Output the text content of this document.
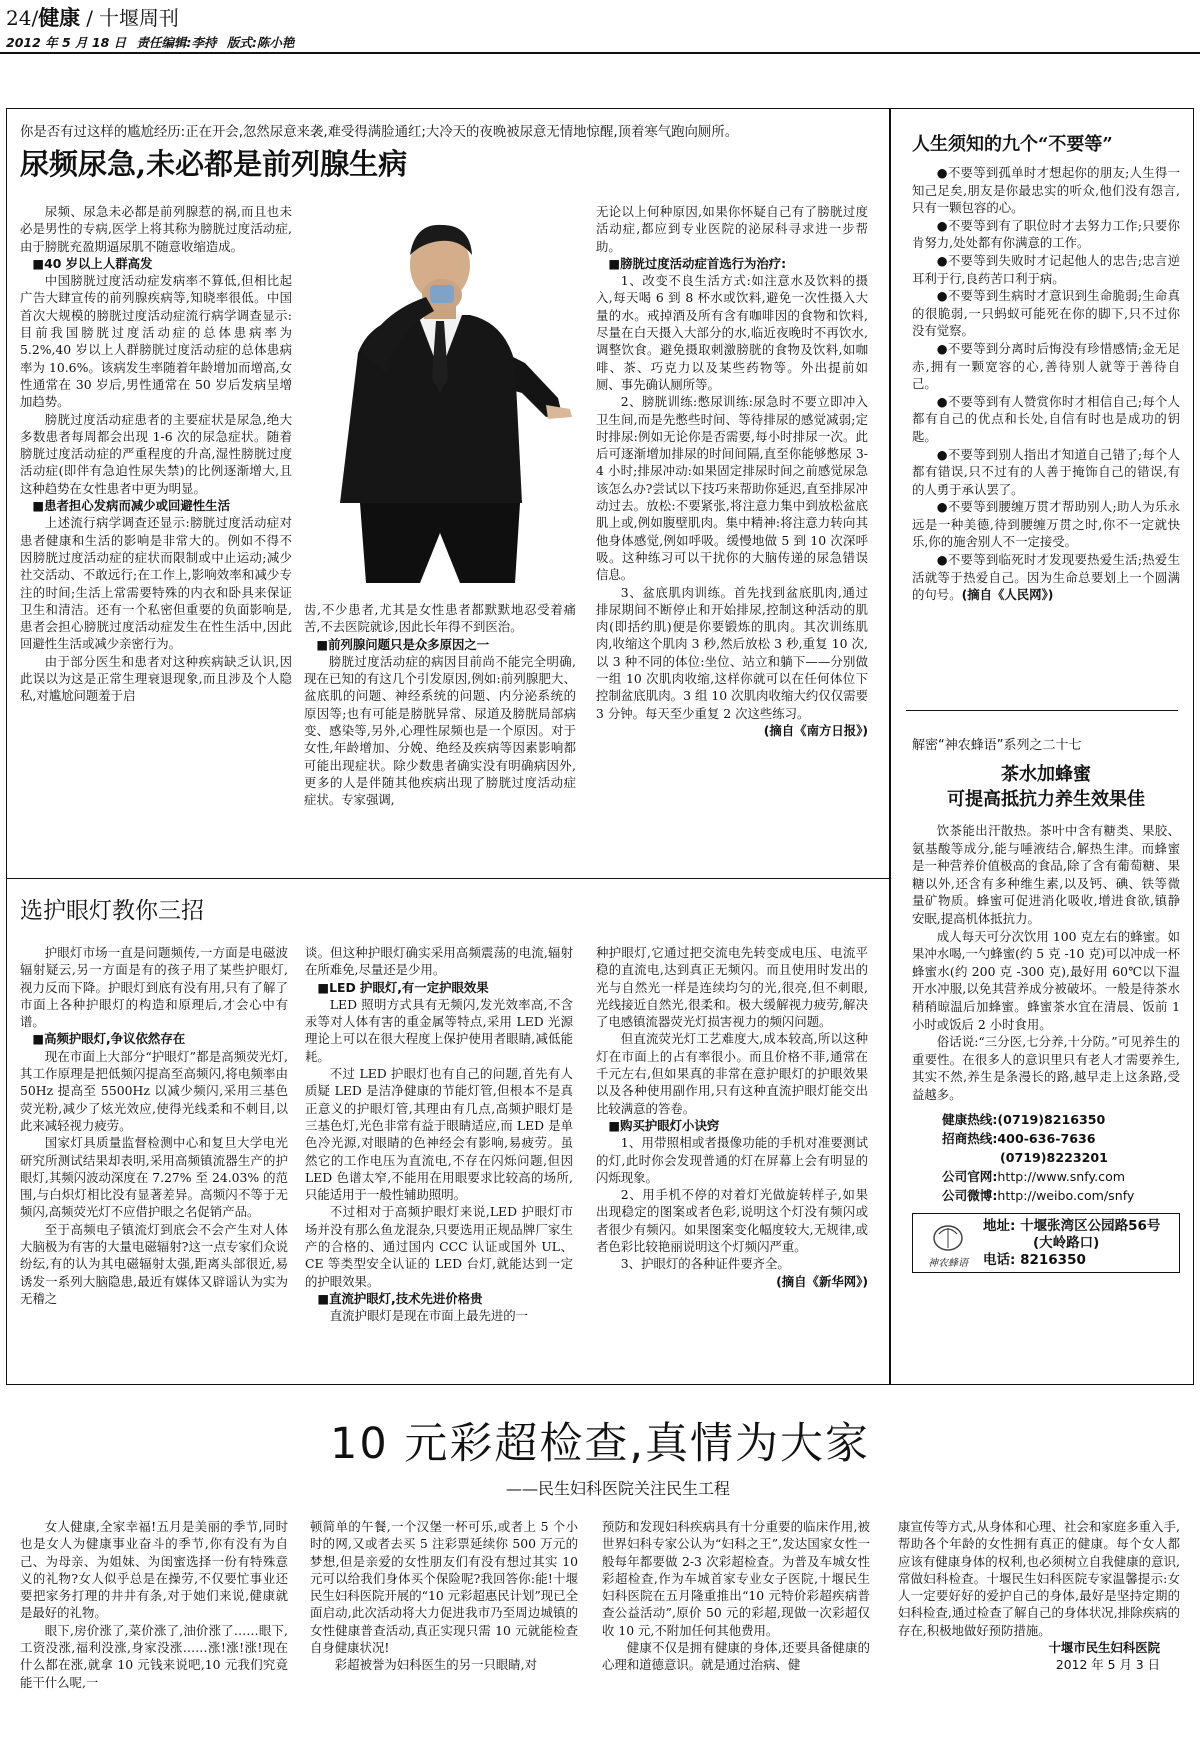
24/健康 / 十堰周刊
2012 年 5 月 18 日 责任编辑:李持 版式:陈小艳
你是否有过这样的尴尬经历:正在开会,忽然尿意来袭,难受得满脸通红;大冷天的夜晚被尿意无情地惊醒,顶着寒气跑向厕所。
尿频尿急,未必都是前列腺生病

尿频、尿急未必都是前列腺惹的祸,而且也未必是男性的专病,医学上将其称为膀胱过度活动症,由于膀胱充盈期逼尿肌不随意收缩造成。

■40 岁以上人群高发

中国膀胱过度活动症发病率不算低,但相比起广告大肆宣传的前列腺疾病等,知晓率很低。中国首次大规模的膀胱过度活动症流行病学调查显示:目前我国膀胱过度活动症的总体患病率为 5.2%,40 岁以上人群膀胱过度活动症的总体患病率为 10.6%。该病发生率随着年龄增加而增高,女性通常在 30 岁后,男性通常在 50 岁后发病呈增加趋势。

膀胱过度活动症患者的主要症状是尿急,绝大多数患者每周都会出现 1-6 次的尿急症状。随着膀胱过度活动症的严重程度的升高,湿性膀胱过度活动症(即伴有急迫性尿失禁)的比例逐渐增大,且这种趋势在女性患者中更为明显。

■患者担心发病而减少或回避性生活

上述流行病学调查还显示:膀胱过度活动症对患者健康和生活的影响是非常大的。例如不得不因膀胱过度活动症的症状而限制或中止运动;减少社交活动、不敢远行;在工作上,影响效率和减少专注的时间;生活上常需要特殊的内衣和卧具来保证卫生和清洁。还有一个私密但重要的负面影响是,患者会担心膀胱过度活动症发生在性生活中,因此回避性生活或减少亲密行为。

由于部分医生和患者对这种疾病缺乏认识,因此误以为这是正常生理衰退现象,而且涉及个人隐私,对尴尬问题羞于启

齿,不少患者,尤其是女性患者都默默地忍受着痛苦,不去医院就诊,因此长年得不到医治。

■前列腺问题只是众多原因之一

膀胱过度活动症的病因目前尚不能完全明确,现在已知的有这几个引发原因,例如:前列腺肥大、盆底肌的问题、神经系统的问题、内分泌系统的原因等;也有可能是膀胱异常、尿道及膀胱局部病变、感染等,另外,心理性尿频也是一个原因。对于女性,年龄增加、分娩、绝经及疾病等因素影响都可能出现症状。除少数患者确实没有明确病因外,更多的人是伴随其他疾病出现了膀胱过度活动症症状。专家强调,

无论以上何种原因,如果你怀疑自己有了膀胱过度活动症,都应到专业医院的泌尿科寻求进一步帮助。

■膀胱过度活动症首选行为治疗:

1、改变不良生活方式:如注意水及饮料的摄入,每天喝 6 到 8 杯水或饮料,避免一次性摄入大量的水。戒掉酒及所有含有咖啡因的食物和饮料,尽量在白天摄入大部分的水,临近夜晚时不再饮水,调整饮食。避免摄取刺激膀胱的食物及饮料,如咖啡、茶、巧克力以及某些药物等。外出提前如厕、事先确认厕所等。

2、膀胱训练:憋尿训练:尿急时不要立即冲入卫生间,而是先憋些时间、等待排尿的感觉减弱;定时排尿:例如无论你是否需要,每小时排尿一次。此后可逐渐增加排尿的时间间隔,直至你能够憋尿 3-4 小时;排尿冲动:如果固定排尿时间之前感觉尿急该怎么办?尝试以下技巧来帮助你延迟,直至排尿冲动过去。放松:不要紧张,将注意力集中到放松盆底肌上或,例如腹壁肌肉。集中精神:将注意力转向其他身体感觉,例如呼吸。缓慢地做 5 到 10 次深呼吸。这种练习可以干扰你的大脑传递的尿急错误信息。

3、盆底肌肉训练。首先找到盆底肌肉,通过排尿期间不断停止和开始排尿,控制这种活动的肌肉(即括约肌)便是你要锻炼的肌肉。其次训练肌肉,收缩这个肌肉 3 秒,然后放松 3 秒,重复 10 次,以 3 种不同的体位:坐位、站立和躺下——分别做一组 10 次肌肉收缩,这样你就可以在任何体位下控制盆底肌肉。3 组 10 次肌肉收缩大约仅仅需要 3 分钟。每天至少重复 2 次这些练习。

(摘自《南方日报》)
选护眼灯教你三招

护眼灯市场一直是问题频传,一方面是电磁波辐射疑云,另一方面是有的孩子用了某些护眼灯,视力反而下降。护眼灯到底有没有用,只有了解了市面上各种护眼灯的构造和原理后,才会心中有谱。

■高频护眼灯,争议依然存在

现在市面上大部分“护眼灯”都是高频荧光灯,其工作原理是把低频闪提高至高频闪,将电频率由 50Hz 提高至 5500Hz 以减少频闪,采用三基色荧光粉,减少了炫光效应,使得光线柔和不刺目,以此来减轻视力疲劳。

国家灯具质量监督检测中心和复旦大学电光研究所测试结果却表明,采用高频镇流器生产的护眼灯,其频闪波动深度在 7.27% 至 24.03% 的范围,与白炽灯相比没有显著差异。高频闪不等于无频闪,高频荧光灯不应借护眼之名促销产品。

至于高频电子镇流灯到底会不会产生对人体大脑极为有害的大量电磁辐射?这一点专家们众说纷纭,有的认为其电磁辐射太强,距离头部很近,易诱发一系列大脑隐患,最近有媒体又辟谣认为实为无稽之

谈。但这种护眼灯确实采用高频震荡的电流,辐射在所难免,尽量还是少用。

■LED 护眼灯,有一定护眼效果

LED 照明方式具有无频闪,发光效率高,不含汞等对人体有害的重金属等特点,采用 LED 光源理论上可以在很大程度上保护使用者眼睛,减低能耗。

不过 LED 护眼灯也有自己的问题,首先有人质疑 LED 是洁净健康的节能灯管,但根本不是真正意义的护眼灯管,其理由有几点,高频护眼灯是三基色灯,光色非常有益于眼睛适应,而 LED 是单色冷光源,对眼睛的色神经会有影响,易疲劳。虽然它的工作电压为直流电,不存在闪烁问题,但因 LED 色谱太窄,不能用在用眼要求比较高的场所,只能适用于一般性辅助照明。

不过相对于高频护眼灯来说,LED 护眼灯市场并没有那么鱼龙混杂,只要选用正规品牌厂家生产的合格的、通过国内 CCC 认证或国外 UL、CE 等类型安全认证的 LED 台灯,就能达到一定的护眼效果。

■直流护眼灯,技术先进价格贵

直流护眼灯是现在市面上最先进的一

种护眼灯,它通过把交流电先转变成电压、电流平稳的直流电,达到真正无频闪。而且使用时发出的光与自然光一样是连续均匀的光,很亮,但不刺眼,光线接近自然光,很柔和。极大缓解视力疲劳,解决了电感镇流器荧光灯损害视力的频闪问题。

但直流荧光灯工艺难度大,成本较高,所以这种灯在市面上的占有率很小。而且价格不菲,通常在千元左右,但如果真的非常在意护眼灯的护眼效果以及各种使用副作用,只有这种直流护眼灯能交出比较满意的答卷。

■购买护眼灯小诀窍

1、用带照相或者摄像功能的手机对准要测试的灯,此时你会发现普通的灯在屏幕上会有明显的闪烁现象。

2、用手机不停的对着灯光做旋转样子,如果出现稳定的图案或者色彩,说明这个灯没有频闪或者很少有频闪。如果图案变化幅度较大,无规律,或者色彩比较艳丽说明这个灯频闪严重。

3、护眼灯的各种证件要齐全。

(摘自《新华网》)
人生须知的九个“不要等”

●不要等到孤单时才想起你的朋友;人生得一知己足矣,朋友是你最忠实的听众,他们没有怨言,只有一颗包容的心。

●不要等到有了职位时才去努力工作;只要你肯努力,处处都有你满意的工作。

●不要等到失败时才记起他人的忠告;忠言逆耳利于行,良药苦口利于病。

●不要等到生病时才意识到生命脆弱;生命真的很脆弱,一只蚂蚁可能死在你的脚下,只不过你没有觉察。

●不要等到分离时后悔没有珍惜感情;金无足赤,拥有一颗宽容的心,善待别人就等于善待自己。

●不要等到有人赞赏你时才相信自己;每个人都有自己的优点和长处,自信有时也是成功的钥匙。

●不要等到别人指出才知道自己错了;每个人都有错误,只不过有的人善于掩饰自己的错误,有的人勇于承认罢了。

●不要等到腰缠万贯才帮助别人;助人为乐永远是一种美德,待到腰缠万贯之时,你不一定就快乐,你的施舍别人不一定接受。

●不要等到临死时才发现要热爱生活;热爱生活就等于热爱自己。因为生命总要划上一个圆满的句号。(摘自《人民网》)

解密“神农蜂语”系列之二十七
茶水加蜂蜜
可提高抵抗力养生效果佳

饮茶能出汗散热。茶叶中含有糖类、果胶、氨基酸等成分,能与唾液结合,解热生津。而蜂蜜是一种营养价值极高的食品,除了含有葡萄糖、果糖以外,还含有多种维生素,以及钙、碘、铁等微量矿物质。蜂蜜可促进消化吸收,增进食欲,镇静安眠,提高机体抵抗力。

成人每天可分次饮用 100 克左右的蜂蜜。如果冲水喝,一勺蜂蜜(约 5 克 -10 克)可以冲成一杯蜂蜜水(约 200 克 -300 克),最好用 60℃以下温开水冲服,以免其营养成分被破坏。一般是待茶水稍稍晾温后加蜂蜜。蜂蜜茶水宜在清晨、饭前 1 小时或饭后 2 小时食用。

俗话说:“三分医,七分养,十分防。”可见养生的重要性。在很多人的意识里只有老人才需要养生,其实不然,养生是条漫长的路,越早走上这条路,受益越多。

健康热线:(0719)8216350
招商热线:400-636-7636
(0719)8223201
公司官网:http://www.snfy.com
公司微博:http://weibo.com/snfy
神农蜂语
地址: 十堰张湾区公园路56号
(大岭路口)
电话: 8216350
10 元彩超检查,真情为大家
——民生妇科医院关注民生工程

女人健康,全家幸福!五月是美丽的季节,同时也是女人为健康事业奋斗的季节,你有没有为自己、为母亲、为姐妹、为闺蜜选择一份有特殊意义的礼物?女人似乎总是在操劳,不仅要忙事业还要把家务打理的井井有条,对于她们来说,健康就是最好的礼物。

眼下,房价涨了,菜价涨了,油价涨了……眼下,工资没涨,福利没涨,身家没涨……涨!涨!涨!现在什么都在涨,就拿 10 元钱来说吧,10 元我们究竟能干什么呢,一

顿简单的午餐,一个汉堡一杯可乐,或者上 5 个小时的网,又或者去买 5 注彩票延续你 500 万元的梦想,但是亲爱的女性朋友们有没有想过其实 10 元可以给我们身体买个保险呢?我回答你:能!十堰民生妇科医院开展的“10 元彩超惠民计划”现已全面启动,此次活动将大力促进我市乃至周边城镇的女性健康普查活动,真正实现只需 10 元就能检查自身健康状况!

彩超被誉为妇科医生的另一只眼睛,对

预防和发现妇科疾病具有十分重要的临床作用,被世界妇科专家公认为“妇科之王”,发达国家女性一般每年都要做 2-3 次彩超检查。为普及车城女性彩超检查,作为车城首家专业女子医院,十堰民生妇科医院在五月隆重推出“10 元特价彩超疾病普查公益活动”,原价 50 元的彩超,现做一次彩超仅收 10 元,不附加任何其他费用。

健康不仅是拥有健康的身体,还要具备健康的心理和道德意识。就是通过治病、健

康宣传等方式,从身体和心理、社会和家庭多重入手,帮助各个年龄的女性拥有真正的健康。每个女人都应该有健康身体的权利,也必须树立自我健康的意识,常做妇科检查。十堰民生妇科医院专家温馨提示:女人一定要好好的爱护自己的身体,最好是坚持定期的妇科检查,通过检查了解自己的身体状况,排除疾病的存在,积极地做好预防措施。

十堰市民生妇科医院
2012 年 5 月 3 日
